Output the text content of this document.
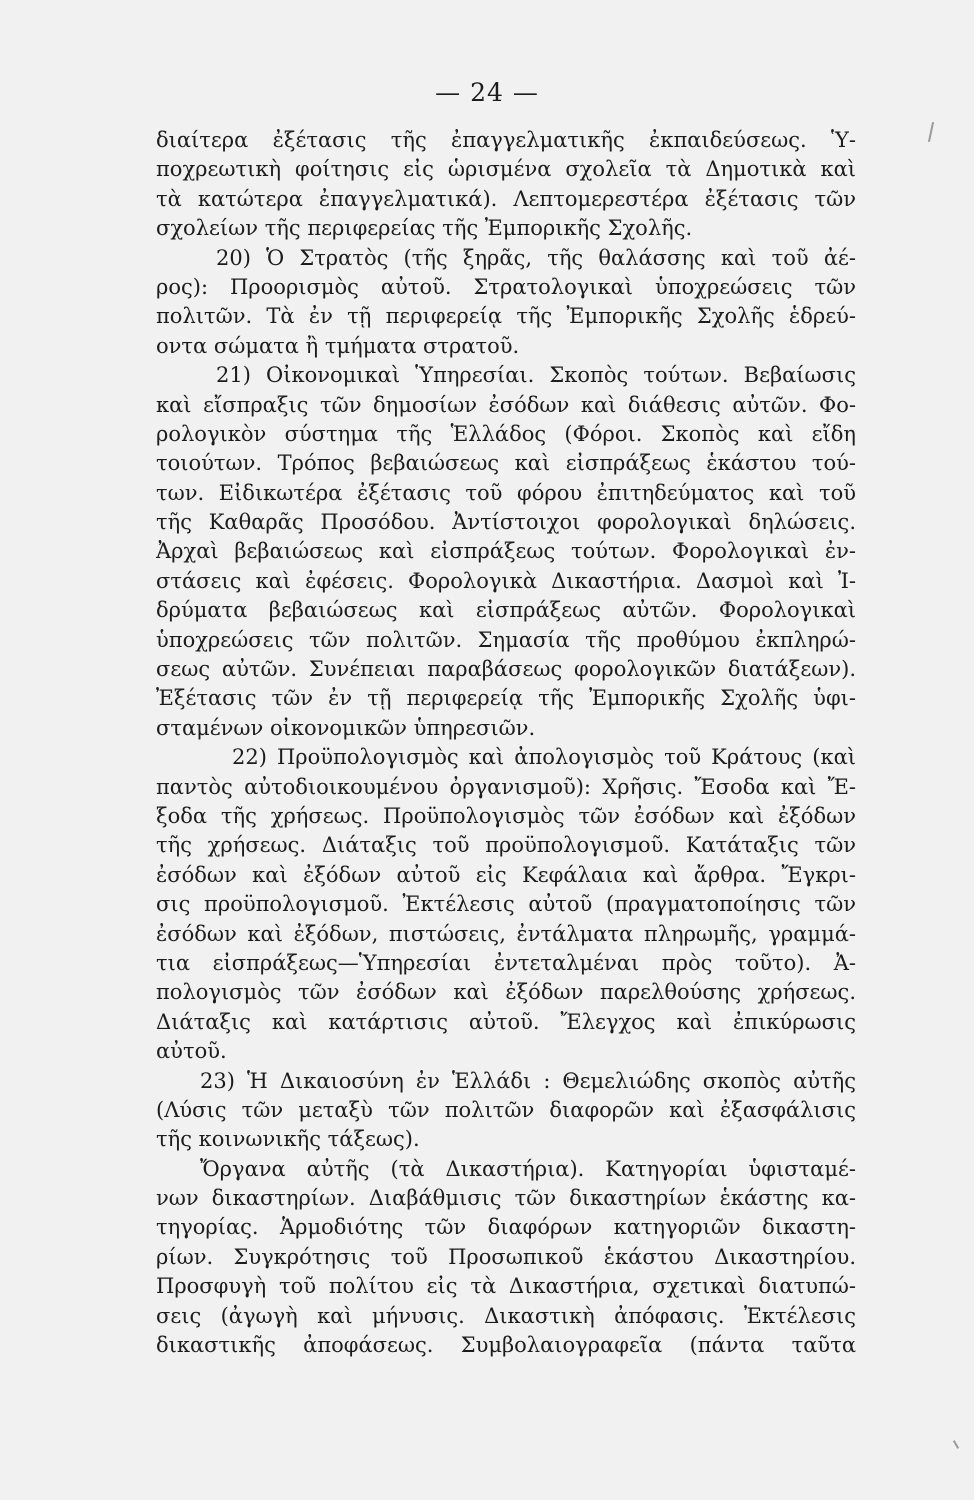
— 24 —
διαίτερα ἐξέτασις τῆς ἐπαγγελματικῆς ἐκπαιδεύσεως. Ὑ-
ποχρεωτικὴ φοίτησις εἰς ὡρισμένα σχολεῖα τὰ Δημοτικὰ καὶ
τὰ κατώτερα ἐπαγγελματικά). Λεπτομερεστέρα ἐξέτασις τῶν
σχολείων τῆς περιφερείας τῆς Ἐμπορικῆς Σχολῆς.
20) Ὁ Στρατὸς (τῆς ξηρᾶς, τῆς θαλάσσης καὶ τοῦ ἀέ-
ρος): Προορισμὸς αὐτοῦ. Στρατολογικαὶ ὑποχρεώσεις τῶν
πολιτῶν. Τὰ ἐν τῇ περιφερείᾳ τῆς Ἐμπορικῆς Σχολῆς ἑδρεύ-
οντα σώματα ἢ τμήματα στρατοῦ.
21) Οἰκονομικαὶ Ὑπηρεσίαι. Σκοπὸς τούτων. Βεβαίωσις
καὶ εἴσπραξις τῶν δημοσίων ἐσόδων καὶ διάθεσις αὐτῶν. Φο-
ρολογικὸν σύστημα τῆς Ἑλλάδος (Φόροι. Σκοπὸς καὶ εἴδη
τοιούτων. Τρόπος βεβαιώσεως καὶ εἰσπράξεως ἑκάστου τού-
των. Εἰδικωτέρα ἐξέτασις τοῦ φόρου ἐπιτηδεύματος καὶ τοῦ
τῆς Καθαρᾶς Προσόδου. Ἀντίστοιχοι φορολογικαὶ δηλώσεις.
Ἀρχαὶ βεβαιώσεως καὶ εἰσπράξεως τούτων. Φορολογικαὶ ἐν-
στάσεις καὶ ἐφέσεις. Φορολογικὰ Δικαστήρια. Δασμοὶ καὶ Ἰ-
δρύματα βεβαιώσεως καὶ εἰσπράξεως αὐτῶν. Φορολογικαὶ
ὑποχρεώσεις τῶν πολιτῶν. Σημασία τῆς προθύμου ἐκπληρώ-
σεως αὐτῶν. Συνέπειαι παραβάσεως φορολογικῶν διατάξεων).
Ἐξέτασις τῶν ἐν τῇ περιφερείᾳ τῆς Ἐμπορικῆς Σχολῆς ὑφι-
σταμένων οἰκονομικῶν ὑπηρεσιῶν.
22) Προϋπολογισμὸς καὶ ἀπολογισμὸς τοῦ Κράτους (καὶ
παντὸς αὐτοδιοικουμένου ὀργανισμοῦ): Χρῆσις. Ἔσοδα καὶ Ἔ-
ξοδα τῆς χρήσεως. Προϋπολογισμὸς τῶν ἐσόδων καὶ ἐξόδων
τῆς χρήσεως. Διάταξις τοῦ προϋπολογισμοῦ. Κατάταξις τῶν
ἐσόδων καὶ ἐξόδων αὐτοῦ εἰς Κεφάλαια καὶ ἄρθρα. Ἔγκρι-
σις προϋπολογισμοῦ. Ἐκτέλεσις αὐτοῦ (πραγματοποίησις τῶν
ἐσόδων καὶ ἐξόδων, πιστώσεις, ἐντάλματα πληρωμῆς, γραμμά-
τια εἰσπράξεως—Ὑπηρεσίαι ἐντεταλμέναι πρὸς τοῦτο). Ἀ-
πολογισμὸς τῶν ἐσόδων καὶ ἐξόδων παρελθούσης χρήσεως.
Διάταξις καὶ κατάρτισις αὐτοῦ. Ἔλεγχος καὶ ἐπικύρωσις
αὐτοῦ.
23) Ἡ Δικαιοσύνη ἐν Ἑλλάδι : Θεμελιώδης σκοπὸς αὐτῆς
(Λύσις τῶν μεταξὺ τῶν πολιτῶν διαφορῶν καὶ ἐξασφάλισις
τῆς κοινωνικῆς τάξεως).
Ὄργανα αὐτῆς (τὰ Δικαστήρια). Κατηγορίαι ὑφισταμέ-
νων δικαστηρίων. Διαβάθμισις τῶν δικαστηρίων ἑκάστης κα-
τηγορίας. Ἁρμοδιότης τῶν διαφόρων κατηγοριῶν δικαστη-
ρίων. Συγκρότησις τοῦ Προσωπικοῦ ἑκάστου Δικαστηρίου.
Προσφυγὴ τοῦ πολίτου εἰς τὰ Δικαστήρια, σχετικαὶ διατυπώ-
σεις (ἀγωγὴ καὶ μήνυσις. Δικαστικὴ ἀπόφασις. Ἐκτέλεσις
δικαστικῆς ἀποφάσεως. Συμβολαιογραφεῖα (πάντα ταῦτα
